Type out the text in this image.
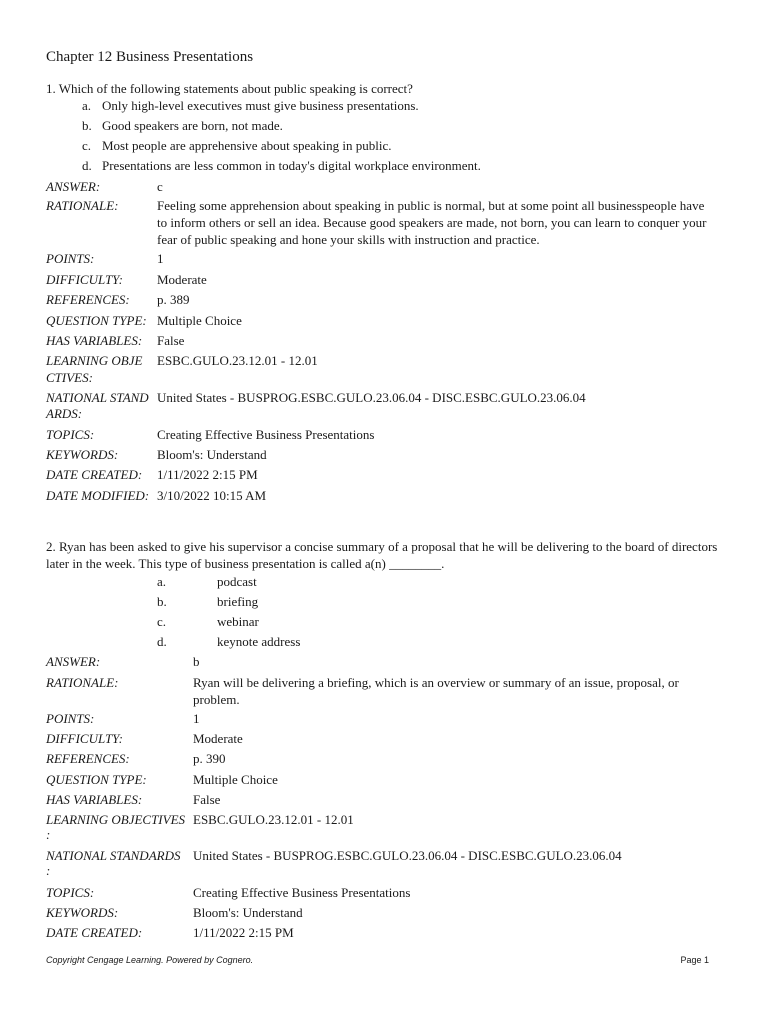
Chapter 12 Business Presentations
1. Which of the following statements about public speaking is correct?
a. Only high-level executives must give business presentations.
b. Good speakers are born, not made.
c. Most people are apprehensive about speaking in public.
d. Presentations are less common in today's digital workplace environment.
ANSWER:	c
RATIONALE:	Feeling some apprehension about speaking in public is normal, but at some point all businesspeople have to inform others or sell an idea. Because good speakers are made, not born, you can learn to conquer your fear of public speaking and hone your skills with instruction and practice.
POINTS:	1
DIFFICULTY:	Moderate
REFERENCES: p. 389
QUESTION TYPE: Multiple Choice
HAS VARIABLES: False
LEARNING OBJE
CTIVES:
ESBC.GULO.23.12.01 - 12.01
NATIONAL STAND
ARDS:
United States - BUSPROG.ESBC.GULO.23.06.04 - DISC.ESBC.GULO.23.06.04
TOPICS:	Creating Effective Business Presentations
KEYWORDS:	Bloom's: Understand
DATE CREATED: 1/11/2022 2:15 PM
DATE MODIFIED: 3/10/2022 10:15 AM
2. Ryan has been asked to give his supervisor a concise summary of a proposal that he will be delivering to the board of directors later in the week. This type of business presentation is called a(n) ________.
a.	podcast
b.	briefing
c.	webinar
d.	keynote address
ANSWER:	b
RATIONALE:	Ryan will be delivering a briefing, which is an overview or summary of an issue, proposal, or problem.
POINTS:	1
DIFFICULTY:	Moderate
REFERENCES:	p. 390
QUESTION TYPE:	Multiple Choice
HAS VARIABLES:	False
LEARNING OBJECTIVES
:
ESBC.GULO.23.12.01 - 12.01
NATIONAL STANDARDS
:
United States - BUSPROG.ESBC.GULO.23.06.04 - DISC.ESBC.GULO.23.06.04
TOPICS:	Creating Effective Business Presentations
KEYWORDS:	Bloom's: Understand
DATE CREATED:	1/11/2022 2:15 PM
Copyright Cengage Learning. Powered by Cognero.	Page 1
